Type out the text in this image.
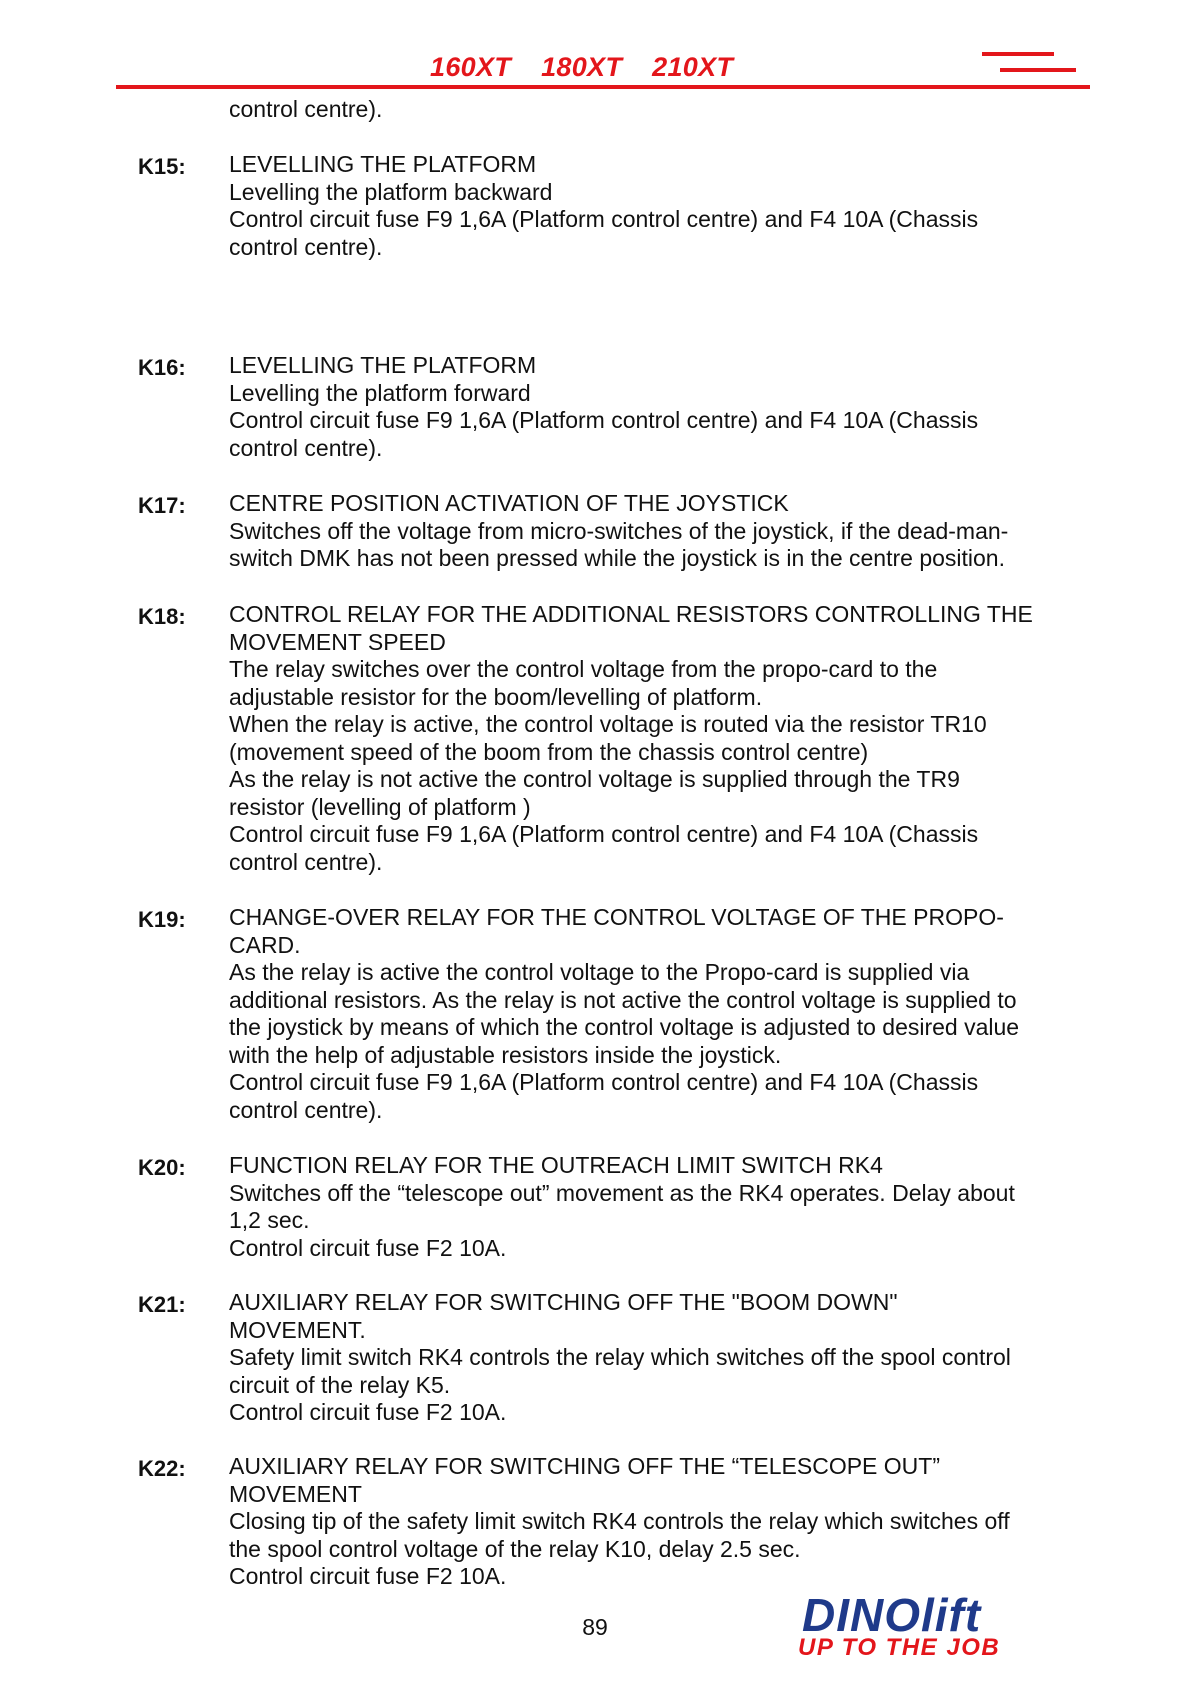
160XT 180XT 210XT
control centre).
K15: LEVELLING THE PLATFORM
Levelling the platform backward
Control circuit fuse F9 1,6A (Platform control centre) and F4 10A (Chassis
control centre).
K16: LEVELLING THE PLATFORM
Levelling the platform forward
Control circuit fuse F9 1,6A (Platform control centre) and F4 10A (Chassis
control centre).
K17: CENTRE POSITION ACTIVATION OF THE JOYSTICK
Switches off the voltage from micro-switches of the joystick, if the dead-man-
switch DMK has not been pressed while the joystick is in the centre position.
K18: CONTROL RELAY FOR THE ADDITIONAL RESISTORS CONTROLLING THE
MOVEMENT SPEED
The relay switches over the control voltage from the propo-card to the
adjustable resistor for the boom/levelling of platform.
When the relay is active, the control voltage is routed via the resistor TR10
(movement speed of the boom from the chassis control centre)
As the relay is not active the control voltage is supplied through the TR9
resistor (levelling of platform )
Control circuit fuse F9 1,6A (Platform control centre) and F4 10A (Chassis
control centre).
K19: CHANGE-OVER RELAY FOR THE CONTROL VOLTAGE OF THE PROPO-
CARD.
As the relay is active the control voltage to the Propo-card is supplied via
additional resistors. As the relay is not active the control voltage is supplied to
the joystick by means of which the control voltage is adjusted to desired value
with the help of adjustable resistors inside the joystick.
Control circuit fuse F9 1,6A (Platform control centre) and F4 10A (Chassis
control centre).
K20: FUNCTION RELAY FOR THE OUTREACH LIMIT SWITCH RK4
Switches off the “telescope out” movement as the RK4 operates. Delay about
1,2 sec.
Control circuit fuse F2 10A.
K21: AUXILIARY RELAY FOR SWITCHING OFF THE "BOOM DOWN"
MOVEMENT.
Safety limit switch RK4 controls the relay which switches off the spool control
circuit of the relay K5.
Control circuit fuse F2 10A.
K22: AUXILIARY RELAY FOR SWITCHING OFF THE “TELESCOPE OUT”
MOVEMENT
Closing tip of the safety limit switch RK4 controls the relay which switches off
the spool control voltage of the relay K10, delay 2.5 sec.
Control circuit fuse F2 10A.
89	DINOlift
UP TO THE JOB
